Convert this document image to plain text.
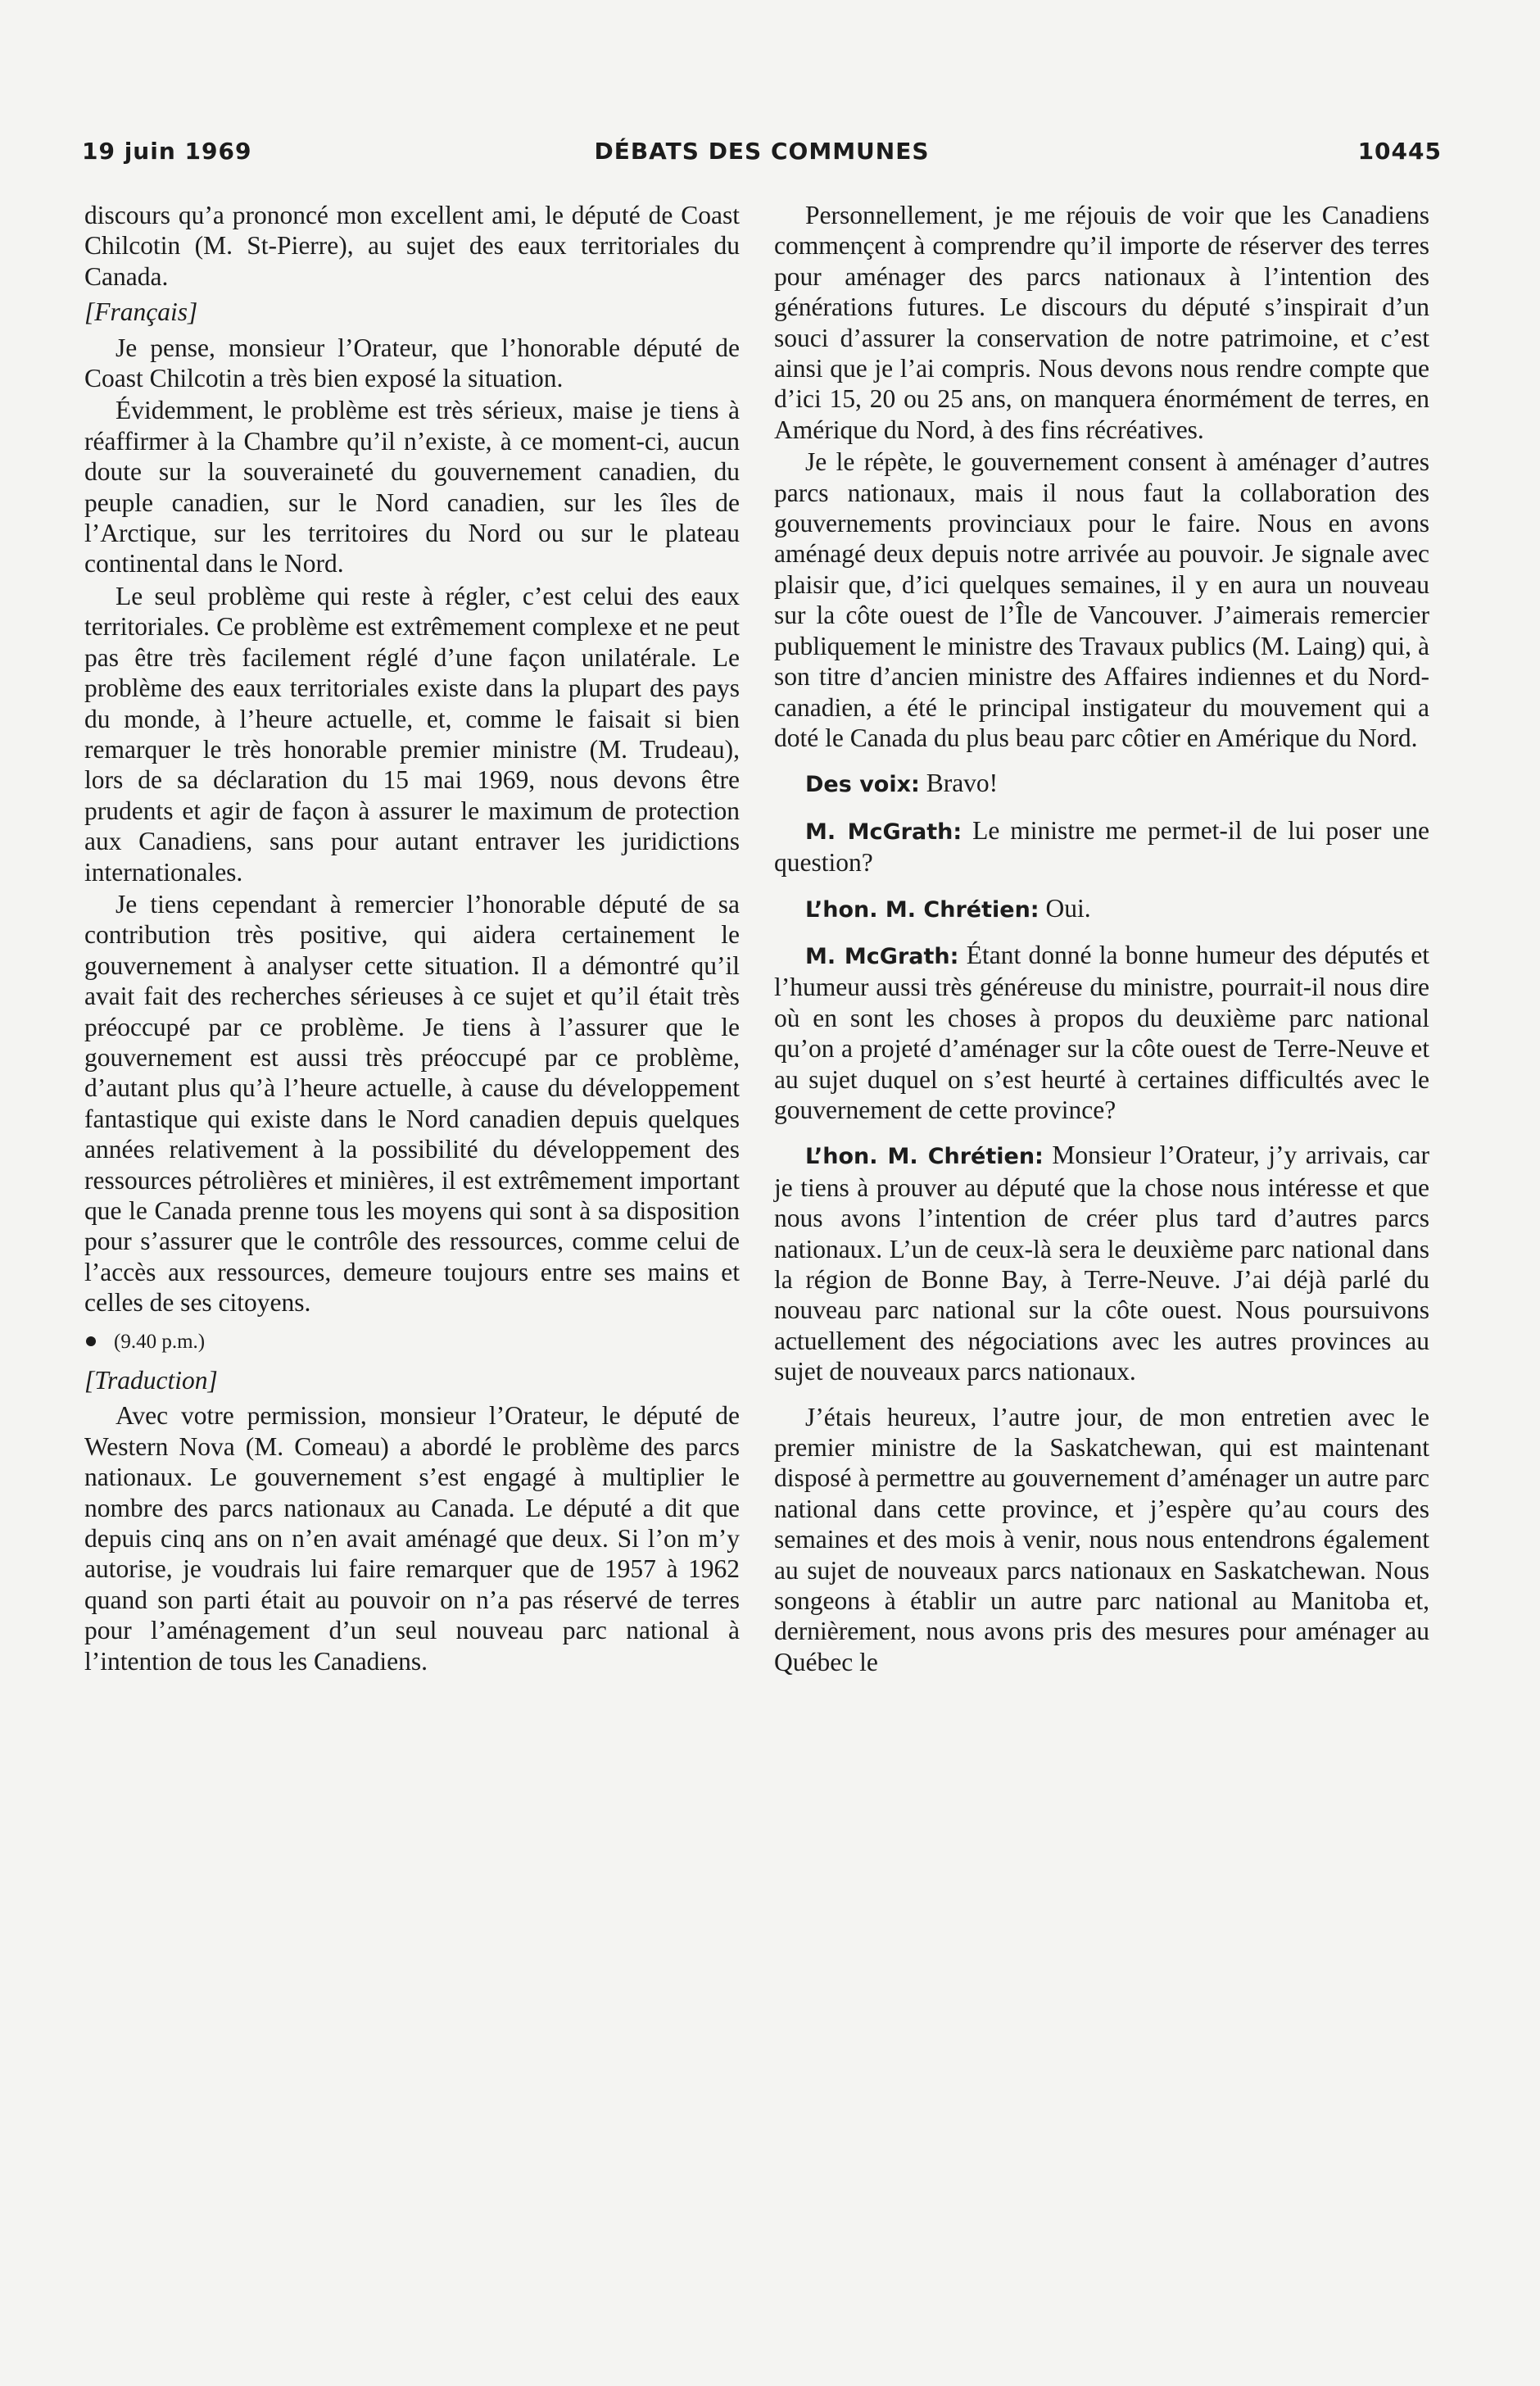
19 juin 1969	DÉBATS DES COMMUNES	10445

discours qu’a prononcé mon excellent ami, le député de Coast Chilcotin (M. St-Pierre), au sujet des eaux territoriales du Canada.

[Français]

Je pense, monsieur l’Orateur, que l’honorable député de Coast Chilcotin a très bien exposé la situation.

Évidemment, le problème est très sérieux, maise je tiens à réaffirmer à la Chambre qu’il n’existe, à ce moment-ci, aucun doute sur la souveraineté du gouvernement canadien, du peuple canadien, sur le Nord canadien, sur les îles de l’Arctique, sur les territoires du Nord ou sur le plateau continental dans le Nord.

Le seul problème qui reste à régler, c’est celui des eaux territoriales. Ce problème est extrêmement complexe et ne peut pas être très facilement réglé d’une façon unilatérale. Le problème des eaux territoriales existe dans la plupart des pays du monde, à l’heure actuelle, et, comme le faisait si bien remarquer le très honorable premier ministre (M. Trudeau), lors de sa déclaration du 15 mai 1969, nous devons être prudents et agir de façon à assurer le maximum de protection aux Canadiens, sans pour autant entraver les juridictions internationales.

Je tiens cependant à remercier l’honorable député de sa contribution très positive, qui aidera certainement le gouvernement à analyser cette situation. Il a démontré qu’il avait fait des recherches sérieuses à ce sujet et qu’il était très préoccupé par ce problème. Je tiens à l’assurer que le gouvernement est aussi très préoccupé par ce problème, d’autant plus qu’à l’heure actuelle, à cause du développement fantastique qui existe dans le Nord canadien depuis quelques années relativement à la possibilité du développement des ressources pétrolières et minières, il est extrêmement important que le Canada prenne tous les moyens qui sont à sa disposition pour s’assurer que le contrôle des ressources, comme celui de l’accès aux ressources, demeure toujours entre ses mains et celles de ses citoyens.

(9.40 p.m.)

[Traduction]

Avec votre permission, monsieur l’Orateur, le député de Western Nova (M. Comeau) a abordé le problème des parcs nationaux. Le gouvernement s’est engagé à multiplier le nombre des parcs nationaux au Canada. Le député a dit que depuis cinq ans on n’en avait aménagé que deux. Si l’on m’y autorise, je voudrais lui faire remarquer que de 1957 à 1962 quand son parti était au pouvoir on n’a pas réservé de terres pour l’aménagement d’un seul nouveau parc national à l’intention de tous les Canadiens.

Personnellement, je me réjouis de voir que les Canadiens commençent à comprendre qu’il importe de réserver des terres pour aménager des parcs nationaux à l’intention des générations futures. Le discours du député s’inspirait d’un souci d’assurer la conservation de notre patrimoine, et c’est ainsi que je l’ai compris. Nous devons nous rendre compte que d’ici 15, 20 ou 25 ans, on manquera énormément de terres, en Amérique du Nord, à des fins récréatives.

Je le répète, le gouvernement consent à aménager d’autres parcs nationaux, mais il nous faut la collaboration des gouvernements provinciaux pour le faire. Nous en avons aménagé deux depuis notre arrivée au pouvoir. Je signale avec plaisir que, d’ici quelques semaines, il y en aura un nouveau sur la côte ouest de l’Île de Vancouver. J’aimerais remercier publiquement le ministre des Travaux publics (M. Laing) qui, à son titre d’ancien ministre des Affaires indiennes et du Nord-canadien, a été le principal instigateur du mouvement qui a doté le Canada du plus beau parc côtier en Amérique du Nord.

Des voix: Bravo!

M. McGrath: Le ministre me permet-il de lui poser une question?

L’hon. M. Chrétien: Oui.

M. McGrath: Étant donné la bonne humeur des députés et l’humeur aussi très généreuse du ministre, pourrait-il nous dire où en sont les choses à propos du deuxième parc national qu’on a projeté d’aménager sur la côte ouest de Terre-Neuve et au sujet duquel on s’est heurté à certaines difficultés avec le gouvernement de cette province?

L’hon. M. Chrétien: Monsieur l’Orateur, j’y arrivais, car je tiens à prouver au député que la chose nous intéresse et que nous avons l’intention de créer plus tard d’autres parcs nationaux. L’un de ceux-là sera le deuxième parc national dans la région de Bonne Bay, à Terre-Neuve. J’ai déjà parlé du nouveau parc national sur la côte ouest. Nous poursuivons actuellement des négociations avec les autres provinces au sujet de nouveaux parcs nationaux.

J’étais heureux, l’autre jour, de mon entretien avec le premier ministre de la Saskatchewan, qui est maintenant disposé à permettre au gouvernement d’aménager un autre parc national dans cette province, et j’espère qu’au cours des semaines et des mois à venir, nous nous entendrons également au sujet de nouveaux parcs nationaux en Saskatchewan. Nous songeons à établir un autre parc national au Manitoba et, dernièrement, nous avons pris des mesures pour aménager au Québec le
